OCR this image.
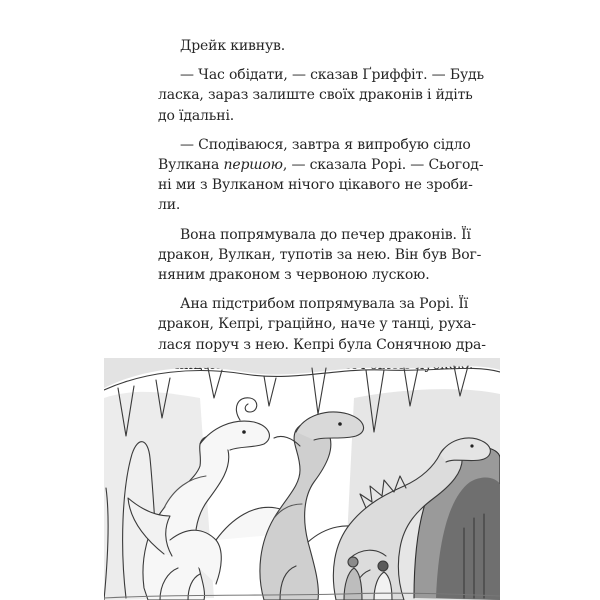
Дрейк кивнув.

— Час обідати, — сказав Ґриффіт. — Будь
ласка, зараз залиште своїх драконів і йдіть
до їдальні.

— Сподіваюся, завтра я випробую сідло
Вулкана першою, — сказала Рорі. — Сьогод-
ні ми з Вулканом нічого цікавого не зроби-
ли.

Вона попрямувала до печер драконів. Її
дракон, Вулкан, тупотів за нею. Він був Вог-
няним драконом з червоною лускою.

Ана підстрибом попрямувала за Рорі. Її
дракон, Кепрі, граційно, наче у танці, руха-
лася поруч з нею. Кепрі була Сонячною дра-
